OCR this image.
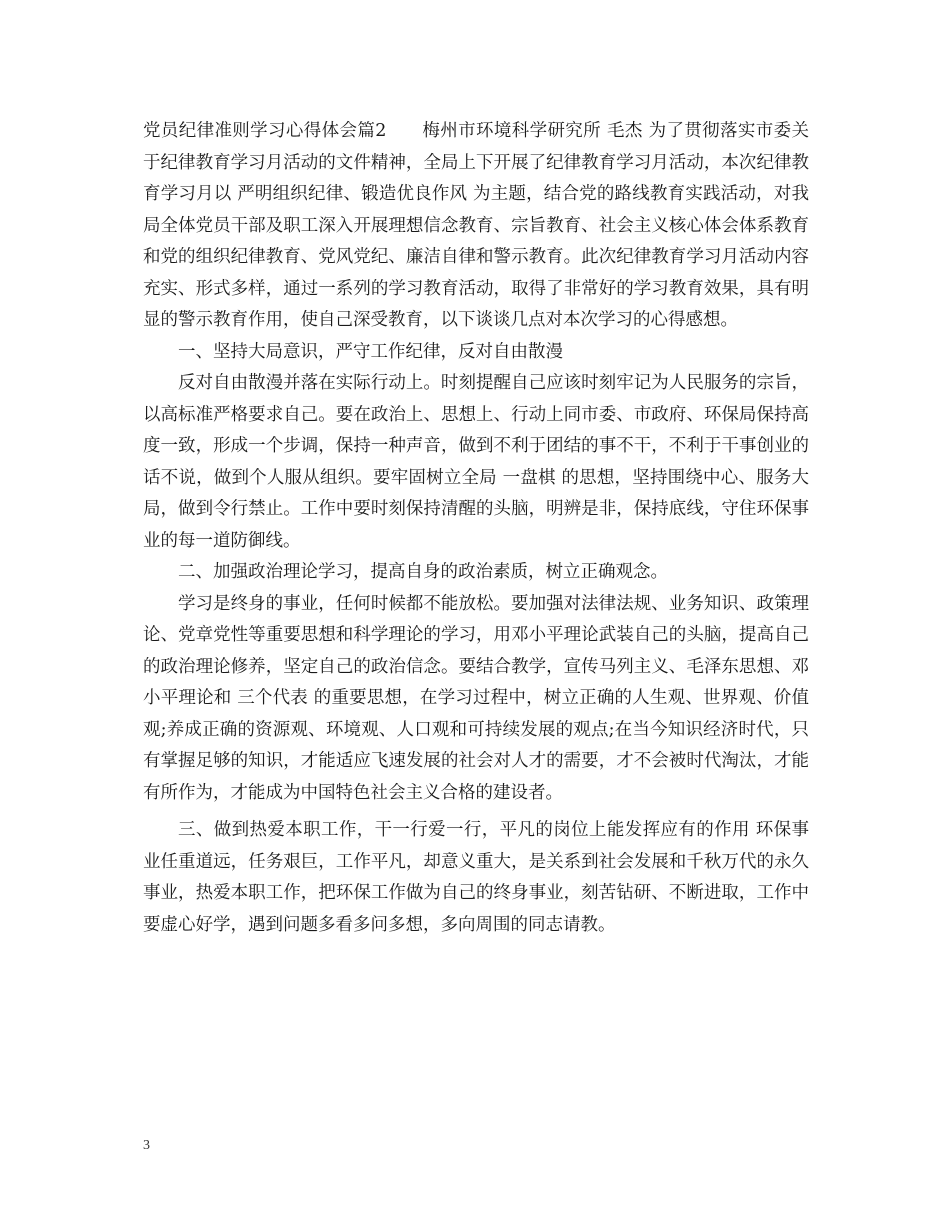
党员纪律准则学习心得体会篇2　　梅州市环境科学研究所 毛杰 为了贯彻落实市委关于纪律教育学习月活动的文件精神，全局上下开展了纪律教育学习月活动，本次纪律教育学习月以 严明组织纪律、锻造优良作风 为主题，结合党的路线教育实践活动，对我局全体党员干部及职工深入开展理想信念教育、宗旨教育、社会主义核心体会体系教育和党的组织纪律教育、党风党纪、廉洁自律和警示教育。此次纪律教育学习月活动内容充实、形式多样，通过一系列的学习教育活动，取得了非常好的学习教育效果，具有明显的警示教育作用，使自己深受教育，以下谈谈几点对本次学习的心得感想。

一、坚持大局意识，严守工作纪律，反对自由散漫

反对自由散漫并落在实际行动上。时刻提醒自己应该时刻牢记为人民服务的宗旨，以高标准严格要求自己。要在政治上、思想上、行动上同市委、市政府、环保局保持高度一致，形成一个步调，保持一种声音，做到不利于团结的事不干，不利于干事创业的话不说，做到个人服从组织。要牢固树立全局 一盘棋 的思想，坚持围绕中心、服务大局，做到令行禁止。工作中要时刻保持清醒的头脑，明辨是非，保持底线，守住环保事业的每一道防御线。

二、加强政治理论学习，提高自身的政治素质，树立正确观念。

学习是终身的事业，任何时候都不能放松。要加强对法律法规、业务知识、政策理论、党章党性等重要思想和科学理论的学习，用邓小平理论武装自己的头脑，提高自己的政治理论修养，坚定自己的政治信念。要结合教学，宣传马列主义、毛泽东思想、邓小平理论和 三个代表 的重要思想，在学习过程中，树立正确的人生观、世界观、价值观;养成正确的资源观、环境观、人口观和可持续发展的观点;在当今知识经济时代，只有掌握足够的知识，才能适应飞速发展的社会对人才的需要，才不会被时代淘汰，才能有所作为，才能成为中国特色社会主义合格的建设者。

三、做到热爱本职工作，干一行爱一行，平凡的岗位上能发挥应有的作用 环保事业任重道远，任务艰巨，工作平凡，却意义重大，是关系到社会发展和千秋万代的永久事业，热爱本职工作，把环保工作做为自己的终身事业，刻苦钻研、不断进取，工作中要虚心好学，遇到问题多看多问多想，多向周围的同志请教。

3
